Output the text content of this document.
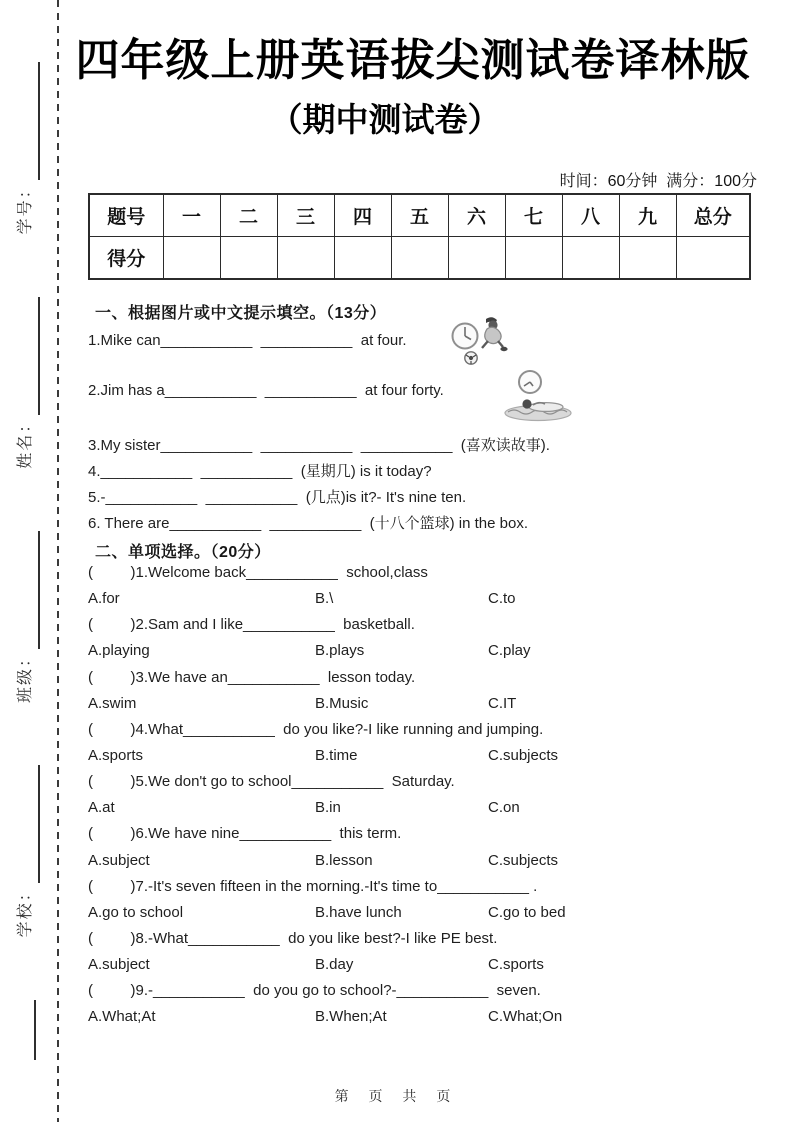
学号：
姓名：
班级：
学校：
四年级上册英语拔尖测试卷译林版
（期中测试卷）
时间：60分钟  满分：100分
题号	一	二	三	四	五	六	七	八	九	总分
得分										
一、根据图片或中文提示填空。（13分）
1.Mike can___________  ___________  at four.
2.Jim has a___________  ___________  at four forty.
3.My sister___________  ___________  ___________  (喜欢读故事).
4.___________  ___________  (星期几) is it today?
5.-___________  ___________  (几点)is it?- It's nine ten.
6. There are___________  ___________  (十八个篮球) in the box.
二、单项选择。（20分）
(         )1.Welcome back___________  school,class

A.for

	B.\

	C.to

(         )2.Sam and I like___________  basketball.

A.playing

	B.plays

	C.play

(         )3.We have an___________  lesson today.

A.swim

	B.Music

	C.IT

(         )4.What___________  do you like?-I like running and jumping.

A.sports

	B.time

	C.subjects

(         )5.We don't go to school___________  Saturday.

A.at

	B.in

	C.on

(         )6.We have nine___________  this term.

A.subject

	B.lesson

	C.subjects

(         )7.-It's seven fifteen in the morning.-It's time to___________ .

A.go to school

	B.have lunch

	C.go to bed

(         )8.-What___________  do you like best?-I like PE best.

A.subject

	B.day

	C.sports

(         )9.-___________  do you go to school?-___________  seven.

A.What;At

	B.When;At

	C.What;On

第 页 共 页
